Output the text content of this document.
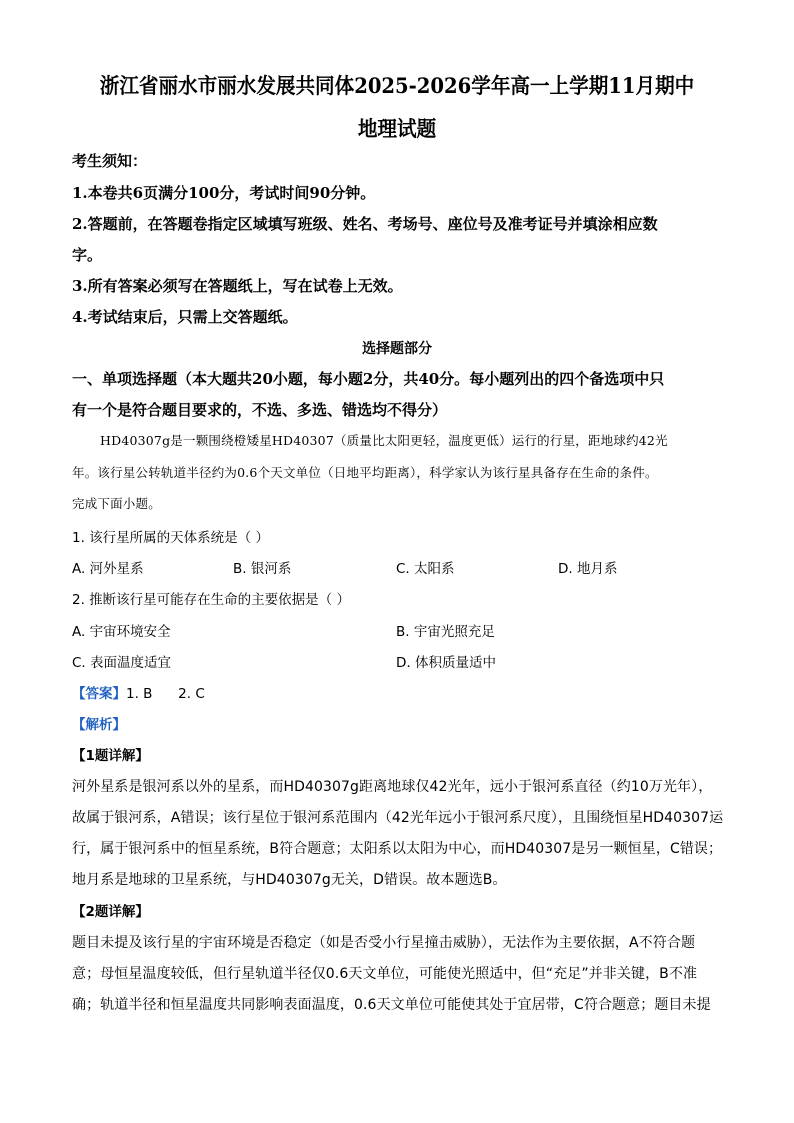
浙江省丽水市丽水发展共同体2025-2026学年高一上学期11月期中
地理试题
考生须知：
1.本卷共6页满分100分，考试时间90分钟。
2.答题前，在答题卷指定区域填写班级、姓名、考场号、座位号及准考证号并填涂相应数
字。
3.所有答案必须写在答题纸上，写在试卷上无效。
4.考试结束后，只需上交答题纸。
选择题部分
一、单项选择题（本大题共20小题，每小题2分，共40分。每小题列出的四个备选项中只
有一个是符合题目要求的，不选、多选、错选均不得分）
HD40307g是一颗围绕橙矮星HD40307（质量比太阳更轻，温度更低）运行的行星，距地球约42光
年。该行星公转轨道半径约为0.6个天文单位（日地平均距离），科学家认为该行星具备存在生命的条件。
完成下面小题。
1. 该行星所属的天体系统是（ ）
A. 河外星系	B. 银河系	C. 太阳系	D. 地月系
2. 推断该行星可能存在生命的主要依据是（ ）
A. 宇宙环境安全	B. 宇宙光照充足
C. 表面温度适宜	D. 体积质量适中
【答案】1. B      2. C
【解析】
【1题详解】
河外星系是银河系以外的星系，而HD40307g距离地球仅42光年，远小于银河系直径（约10万光年），
故属于银河系，A错误；该行星位于银河系范围内（42光年远小于银河系尺度），且围绕恒星HD40307运
行，属于银河系中的恒星系统，B符合题意；太阳系以太阳为中心，而HD40307是另一颗恒星，C错误；
地月系是地球的卫星系统，与HD40307g无关，D错误。故本题选B。
【2题详解】
题目未提及该行星的宇宙环境是否稳定（如是否受小行星撞击威胁），无法作为主要依据，A不符合题
意；母恒星温度较低，但行星轨道半径仅0.6天文单位，可能使光照适中，但“充足”并非关键，B不准
确；轨道半径和恒星温度共同影响表面温度，0.6天文单位可能使其处于宜居带，C符合题意；题目未提
